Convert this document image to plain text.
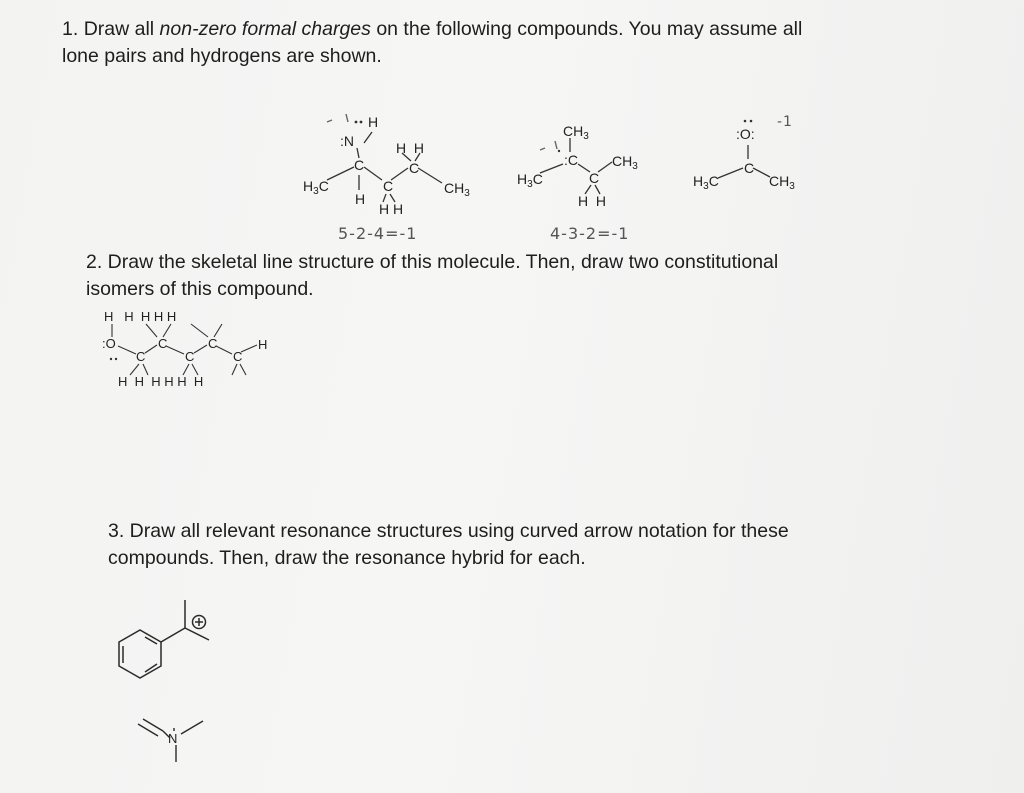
1. Draw all non-zero formal charges on the following compounds. You may assume all
lone pairs and hydrogens are shown.

H
:N	H  H
$H_3C$	$CH_3$
H
H H
C	C
C
$CH_3$
$CH_3$
$H_3C$
:C
C
H  H
:O:
C
$H_3C$	$CH_3$
5-2-4=-1	4-3-2=-1
-1

2. Draw the skeletal line structure of this molecule. Then, draw two constitutional
isomers of this compound.

H   H  H H H
:O	C	C
C	C	C
H
H  H  H H H  H

3. Draw all relevant resonance structures using curved arrow notation for these
compounds. Then, draw the resonance hybrid for each.

N
